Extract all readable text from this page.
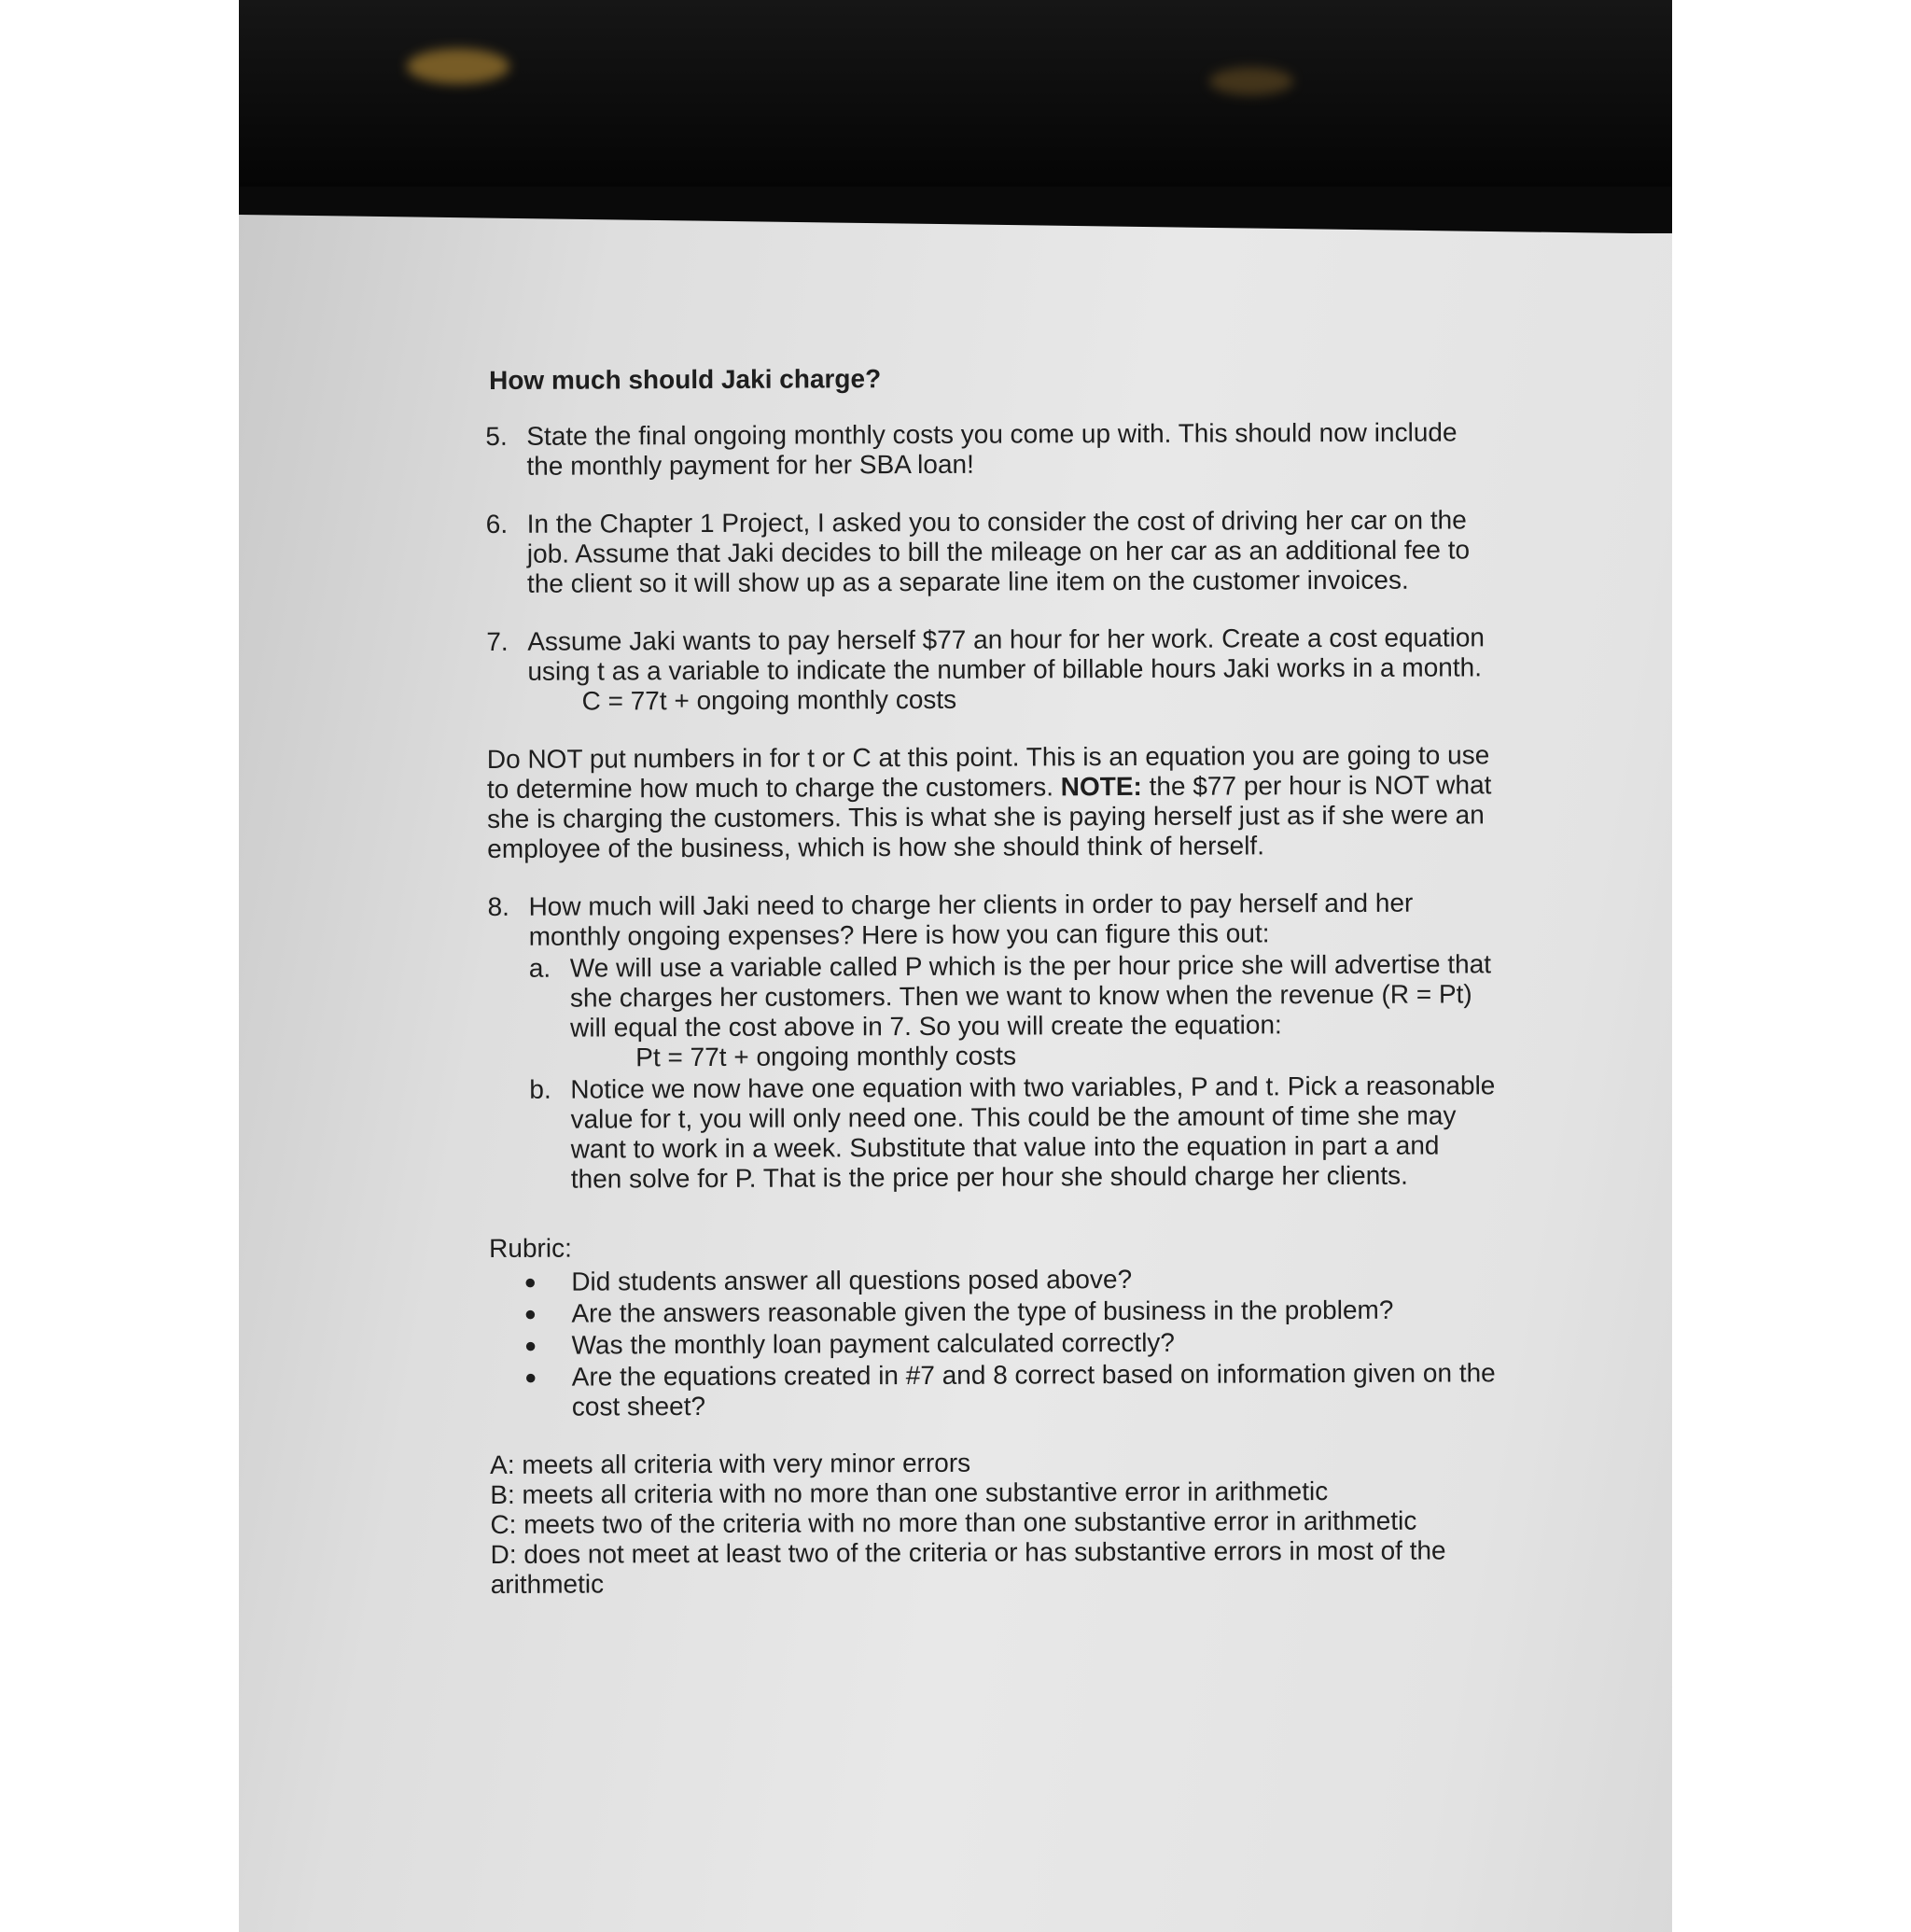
How much should Jaki charge?
5. State the final ongoing monthly costs you come up with. This should now include the monthly payment for her SBA loan!
6. In the Chapter 1 Project, I asked you to consider the cost of driving her car on the job. Assume that Jaki decides to bill the mileage on her car as an additional fee to the client so it will show up as a separate line item on the customer invoices.
7. Assume Jaki wants to pay herself $77 an hour for her work. Create a cost equation using t as a variable to indicate the number of billable hours Jaki works in a month.
C = 77t + ongoing monthly costs

Do NOT put numbers in for t or C at this point. This is an equation you are going to use to determine how much to charge the customers. NOTE: the $77 per hour is NOT what she is charging the customers. This is what she is paying herself just as if she were an employee of the business, which is how she should think of herself.

8. How much will Jaki need to charge her clients in order to pay herself and her monthly ongoing expenses? Here is how you can figure this out:
a. We will use a variable called P which is the per hour price she will advertise that she charges her customers. Then we want to know when the revenue (R = Pt) will equal the cost above in 7. So you will create the equation:
Pt = 77t + ongoing monthly costs
b. Notice we now have one equation with two variables, P and t. Pick a reasonable value for t, you will only need one. This could be the amount of time she may want to work in a week. Substitute that value into the equation in part a and then solve for P. That is the price per hour she should charge her clients.
Rubric:
●	Did students answer all questions posed above?
●	Are the answers reasonable given the type of business in the problem?
●	Was the monthly loan payment calculated correctly?
●	Are the equations created in #7 and 8 correct based on information given on the cost sheet?
A: meets all criteria with very minor errors
B: meets all criteria with no more than one substantive error in arithmetic
C: meets two of the criteria with no more than one substantive error in arithmetic
D: does not meet at least two of the criteria or has substantive errors in most of the arithmetic
